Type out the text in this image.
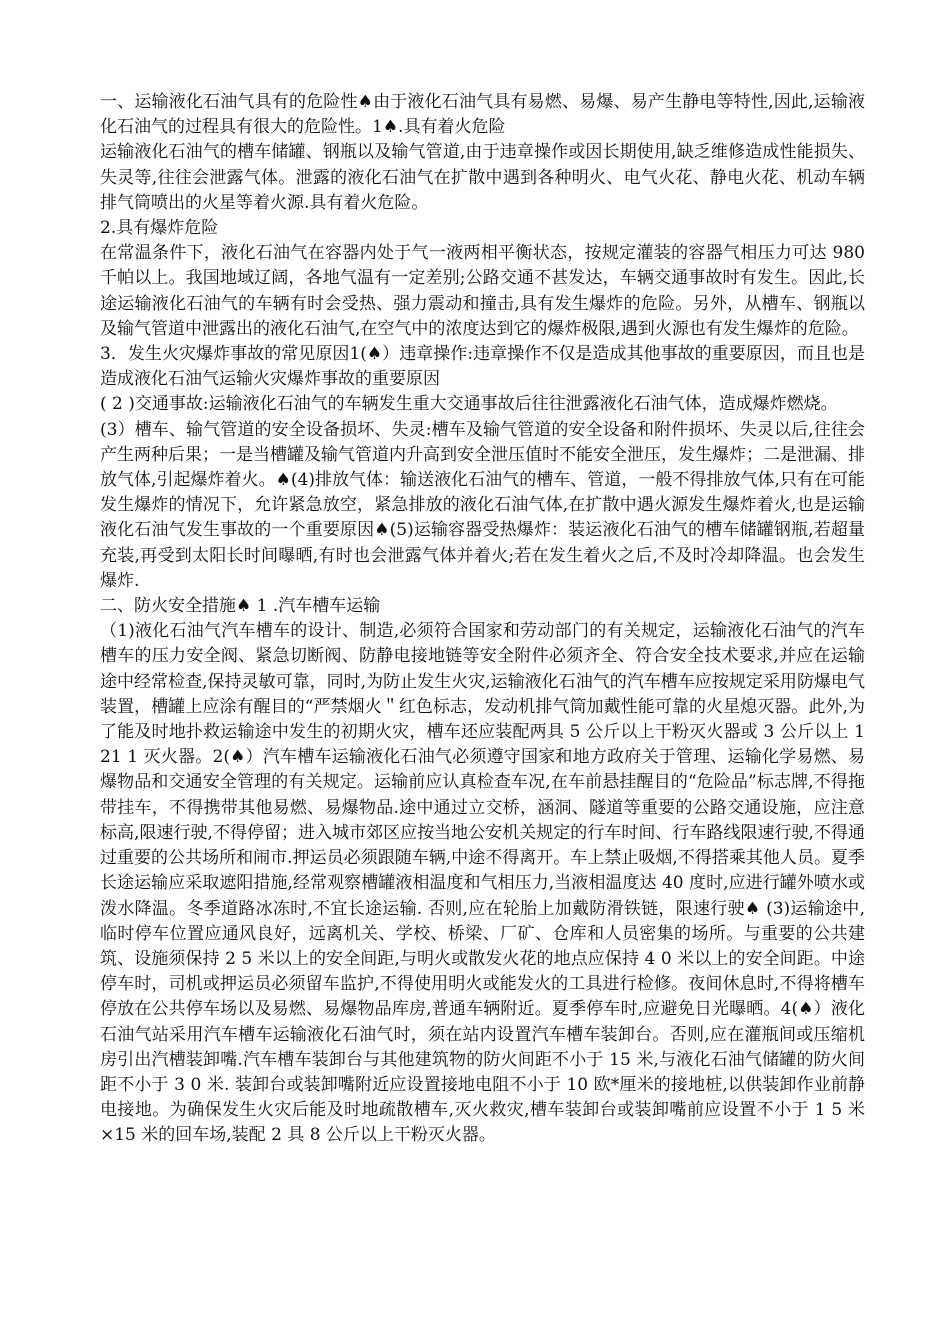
一、运输液化石油气具有的危险性♠由于液化石油气具有易燃、易爆、易产生静电等特性,因此,运输液化石油气的过程具有很大的危险性。1♠.具有着火危险

运输液化石油气的槽车储罐、钢瓶以及输气管道,由于违章操作或因长期使用,缺乏维修造成性能损失、失灵等,往往会泄露气体。泄露的液化石油气在扩散中遇到各种明火、电气火花、静电火花、机动车辆排气筒喷出的火星等着火源.具有着火危险。

2.具有爆炸危险

在常温条件下，液化石油气在容器内处于气一液两相平衡状态，按规定灌装的容器气相压力可达 980 千帕以上。我国地域辽阔，各地气温有一定差别;公路交通不甚发达，车辆交通事故时有发生。因此,长途运输液化石油气的车辆有时会受热、强力震动和撞击,具有发生爆炸的危险。另外，从槽车、钢瓶以及输气管道中泄露出的液化石油气,在空气中的浓度达到它的爆炸极限,遇到火源也有发生爆炸的危险。

3．发生火灾爆炸事故的常见原因1(♠）违章操作:违章操作不仅是造成其他事故的重要原因，而且也是造成液化石油气运输火灾爆炸事故的重要原因

( 2 )交通事故:运输液化石油气的车辆发生重大交通事故后往往泄露液化石油气体，造成爆炸燃烧。

(3）槽车、输气管道的安全设备损坏、失灵:槽车及输气管道的安全设备和附件损坏、失灵以后,往往会产生两种后果；一是当槽罐及输气管道内升高到安全泄压值时不能安全泄压，发生爆炸；二是泄漏、排放气体,引起爆炸着火。♠(4)排放气体：输送液化石油气的槽车、管道，一般不得排放气体,只有在可能发生爆炸的情况下，允许紧急放空，紧急排放的液化石油气体,在扩散中遇火源发生爆炸着火,也是运输液化石油气发生事故的一个重要原因♠(5)运输容器受热爆炸：装运液化石油气的槽车储罐钢瓶,若超量充装,再受到太阳长时间曝晒,有时也会泄露气体并着火;若在发生着火之后,不及时冷却降温。也会发生爆炸.

二、防火安全措施♠ 1 .汽车槽车运输

（1)液化石油气汽车槽车的设计、制造,必须符合国家和劳动部门的有关规定，运输液化石油气的汽车槽车的压力安全阀、紧急切断阀、防静电接地链等安全附件必须齐全、符合安全技术要求,并应在运输途中经常检查,保持灵敏可靠，同时,为防止发生火灾,运输液化石油气的汽车槽车应按规定采用防爆电气装置，槽罐上应涂有醒目的“严禁烟火＂红色标志，发动机排气筒加戴性能可靠的火星熄灭器。此外,为了能及时地扑救运输途中发生的初期火灾，槽车还应装配两具 5 公斤以上干粉灭火器或 3 公斤以上 1 21 1 灭火器。2(♠）汽车槽车运输液化石油气必须遵守国家和地方政府关于管理、运输化学易燃、易爆物品和交通安全管理的有关规定。运输前应认真检查车况,在车前悬挂醒目的“危险品”标志牌,不得拖带挂车，不得携带其他易燃、易爆物品.途中通过立交桥，涵洞、隧道等重要的公路交通设施，应注意标高,限速行驶,不得停留；进入城市郊区应按当地公安机关规定的行车时间、行车路线限速行驶,不得通过重要的公共场所和闹市.押运员必须跟随车辆,中途不得离开。车上禁止吸烟,不得搭乘其他人员。夏季长途运输应采取遮阳措施,经常观察槽罐液相温度和气相压力,当液相温度达 40 度时,应进行罐外喷水或泼水降温。冬季道路冰冻时,不宜长途运输. 否则,应在轮胎上加戴防滑铁链，限速行驶♠ (3)运输途中,临时停车位置应通风良好，远离机关、学校、桥梁、厂矿、仓库和人员密集的场所。与重要的公共建筑、设施须保持 2 5 米以上的安全间距,与明火或散发火花的地点应保持 4 0 米以上的安全间距。中途停车时，司机或押运员必须留车监护,不得使用明火或能发火的工具进行检修。夜间休息时,不得将槽车停放在公共停车场以及易燃、易爆物品库房,普通车辆附近。夏季停车时,应避免日光曝晒。4(♠）液化石油气站采用汽车槽车运输液化石油气时，须在站内设置汽车槽车装卸台。否则,应在灌瓶间或压缩机房引出汽槽装卸嘴.汽车槽车装卸台与其他建筑物的防火间距不小于 15 米,与液化石油气储罐的防火间距不小于 3 0 米. 装卸台或装卸嘴附近应设置接地电阻不小于 10 欧*厘米的接地桩,以供装卸作业前静电接地。为确保发生火灾后能及时地疏散槽车,灭火救灾,槽车装卸台或装卸嘴前应设置不小于 1 5 米×15 米的回车场,装配 2 具 8 公斤以上干粉灭火器。
